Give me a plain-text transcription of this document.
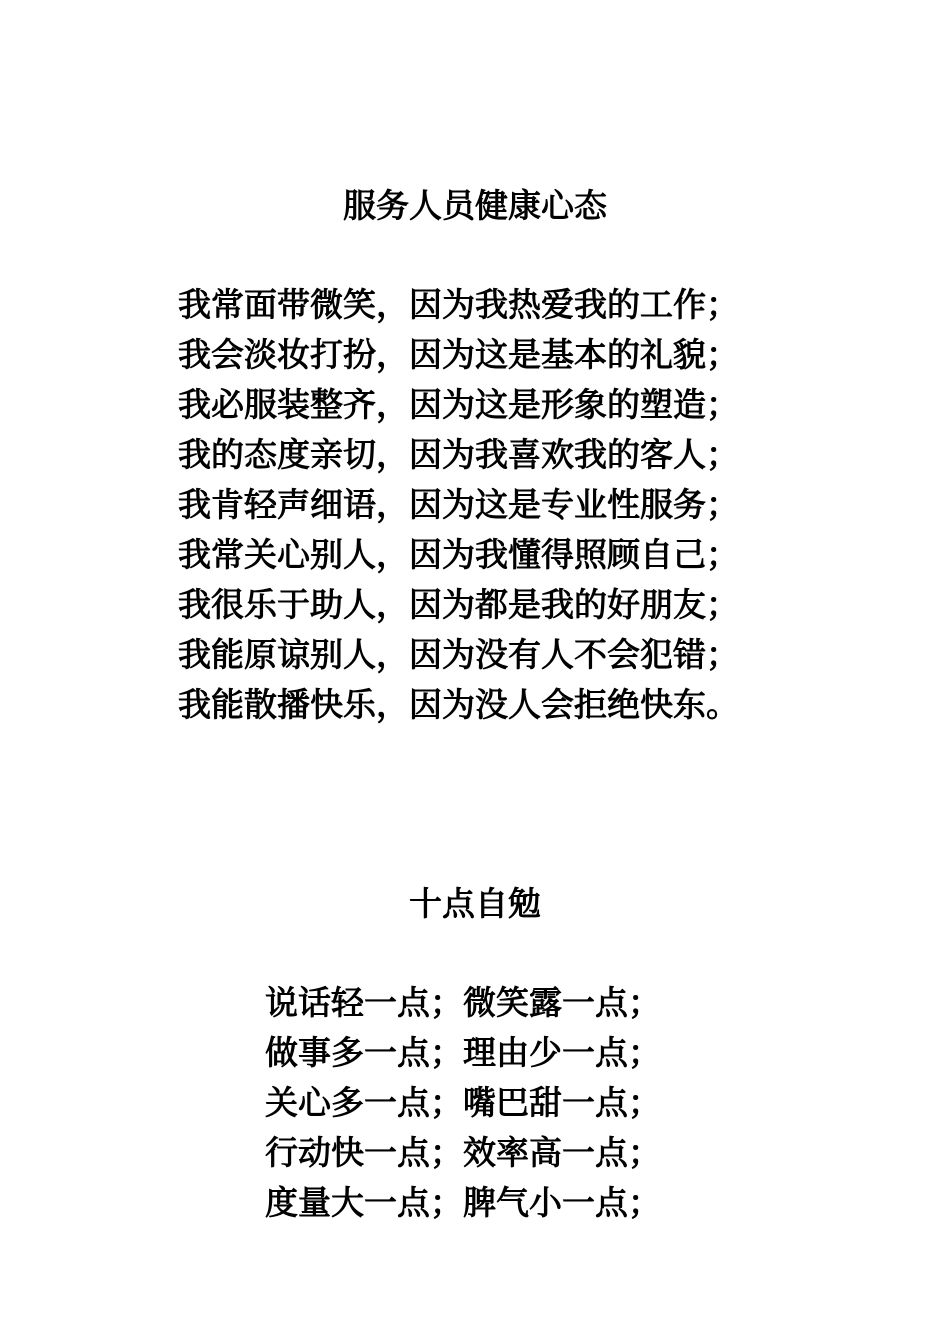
服务人员健康心态
我常面带微笑，因为我热爱我的工作；
我会淡妆打扮，因为这是基本的礼貌；
我必服装整齐，因为这是形象的塑造；
我的态度亲切，因为我喜欢我的客人；
我肯轻声细语，因为这是专业性服务；
我常关心别人，因为我懂得照顾自己；
我很乐于助人，因为都是我的好朋友；
我能原谅别人，因为没有人不会犯错；
我能散播快乐，因为没人会拒绝快东。
十点自勉
说话轻一点；微笑露一点；
做事多一点；理由少一点；
关心多一点；嘴巴甜一点；
行动快一点；效率高一点；
度量大一点；脾气小一点；
